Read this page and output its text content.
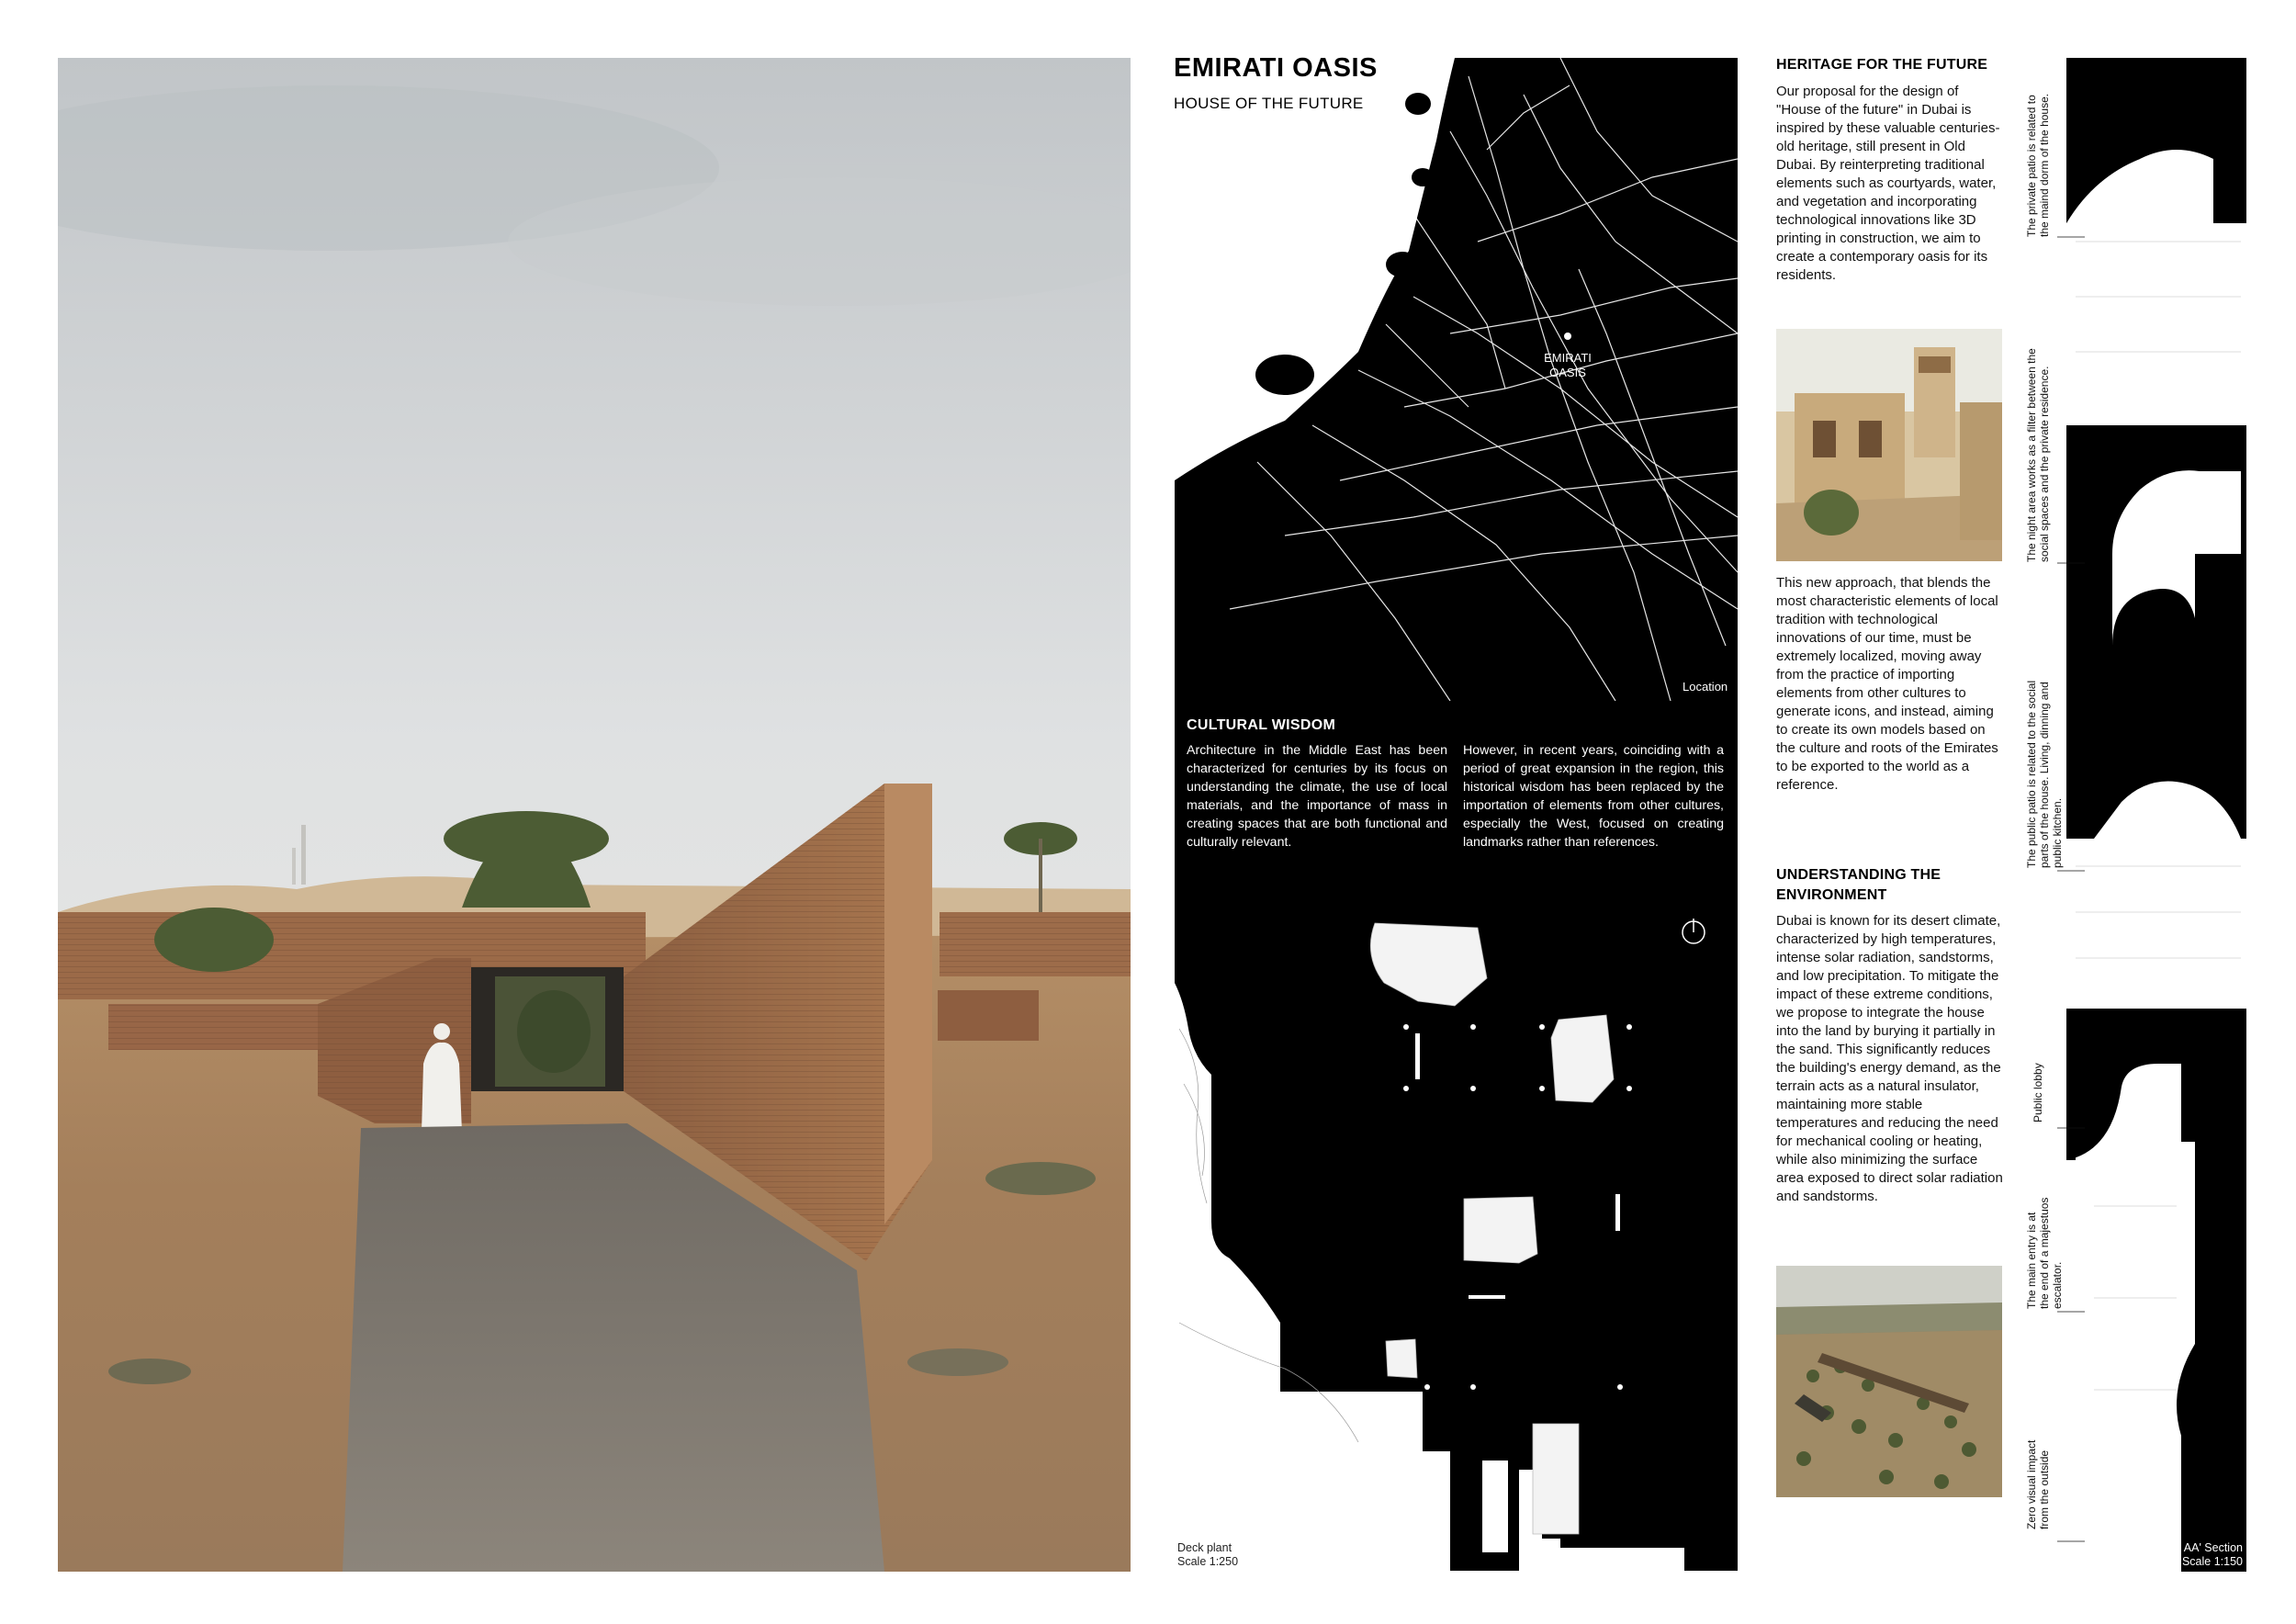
EMIRATI
OASIS
EMIRATI OASIS
HOUSE OF THE FUTURE
Location
CULTURAL WISDOM
Architecture in the Middle East has been characterized for centuries by its focus on understanding the climate, the use of local materials, and the importance of mass in creating spaces that are both functional and culturally relevant.
However, in recent years, coinciding with a period of great expansion in the region, this historical wisdom has been replaced by the importation of elements from other cultures, especially the West, focused on creating landmarks rather than references.
Deck plant
Scale 1:250
HERITAGE FOR THE FUTURE
Our proposal for the design of "House of the future" in Dubai is inspired by these valuable centuries-old heritage, still present in Old Dubai. By reinterpreting traditional elements such as courtyards, water, and vegetation and incorporating technological innovations like 3D printing in construction, we aim to create a contemporary oasis for its residents.
This new approach, that blends the most characteristic elements of local tradition with technological innovations of our time, must be extremely localized, moving away from the practice of importing elements from other cultures to generate icons, and instead, aiming to create its own models based on the culture and roots of the Emirates to be exported to the world as a reference.
UNDERSTANDING THE
ENVIRONMENT
Dubai is known for its desert climate, characterized by high temperatures, intense solar radiation, sandstorms, and low precipitation. To mitigate the impact of these extreme conditions, we propose to integrate the house into the land by burying it partially in the sand. This significantly reduces the building's energy demand, as the terrain acts as a natural insulator, maintaining more stable temperatures and reducing the need for mechanical cooling or heating, while also minimizing the surface area exposed to direct solar radiation and sandstorms.
The private patio is related to
the maind dorm of the house.
The night area works as a filter between the
social spaces and the private residence.
The public patio is related to the social
parts of the house. Living, dinning and
public kitchen.
Public lobby
The main entry is at
the end of a majestuos
escalator.
Zero visual impact
from the outside
AA' Section
Scale 1:150
